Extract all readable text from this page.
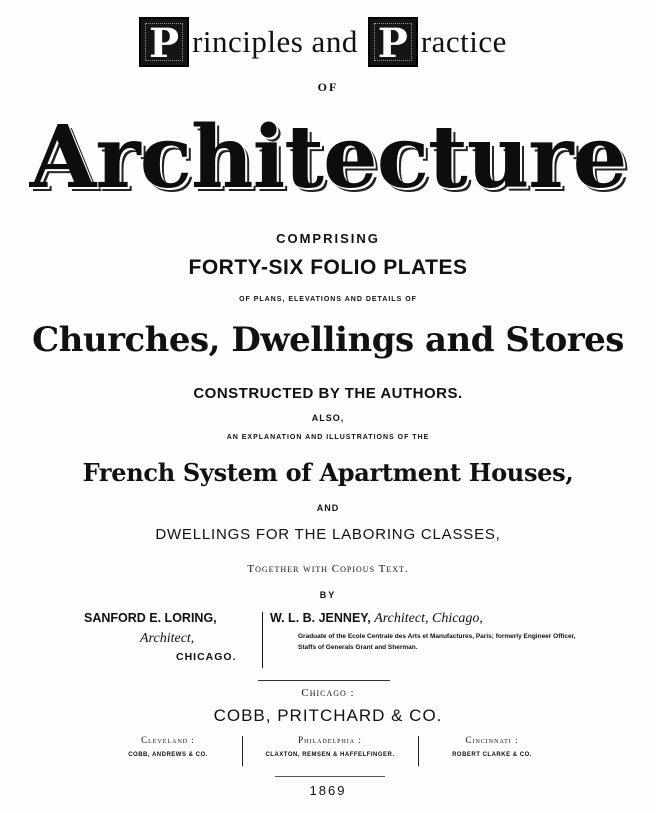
P rinciples and P ractice
OF
Architecture
COMPRISING
FORTY-SIX FOLIO PLATES
OF PLANS, ELEVATIONS AND DETAILS OF
Churches, Dwellings and Stores
CONSTRUCTED BY THE AUTHORS.
ALSO,
AN EXPLANATION AND ILLUSTRATIONS OF THE
French System of Apartment Houses,
AND
DWELLINGS FOR THE LABORING CLASSES,
Together with Copious Text.
BY
SANFORD E. LORING,
Architect,
CHICAGO.
W. L. B. JENNEY, Architect, Chicago,
Graduate of the Ecole Centrale des Arts et Manufactures, Paris; formerly Engineer Officer, Staffs of Generals Grant and Sherman.
Chicago :
COBB, PRITCHARD & CO.
Cleveland :
COBB, ANDREWS & CO.
Philadelphia :
CLAXTON, REMSEN & HAFFELFINGER.
Cincinnati :
ROBERT CLARKE & CO.
1869
